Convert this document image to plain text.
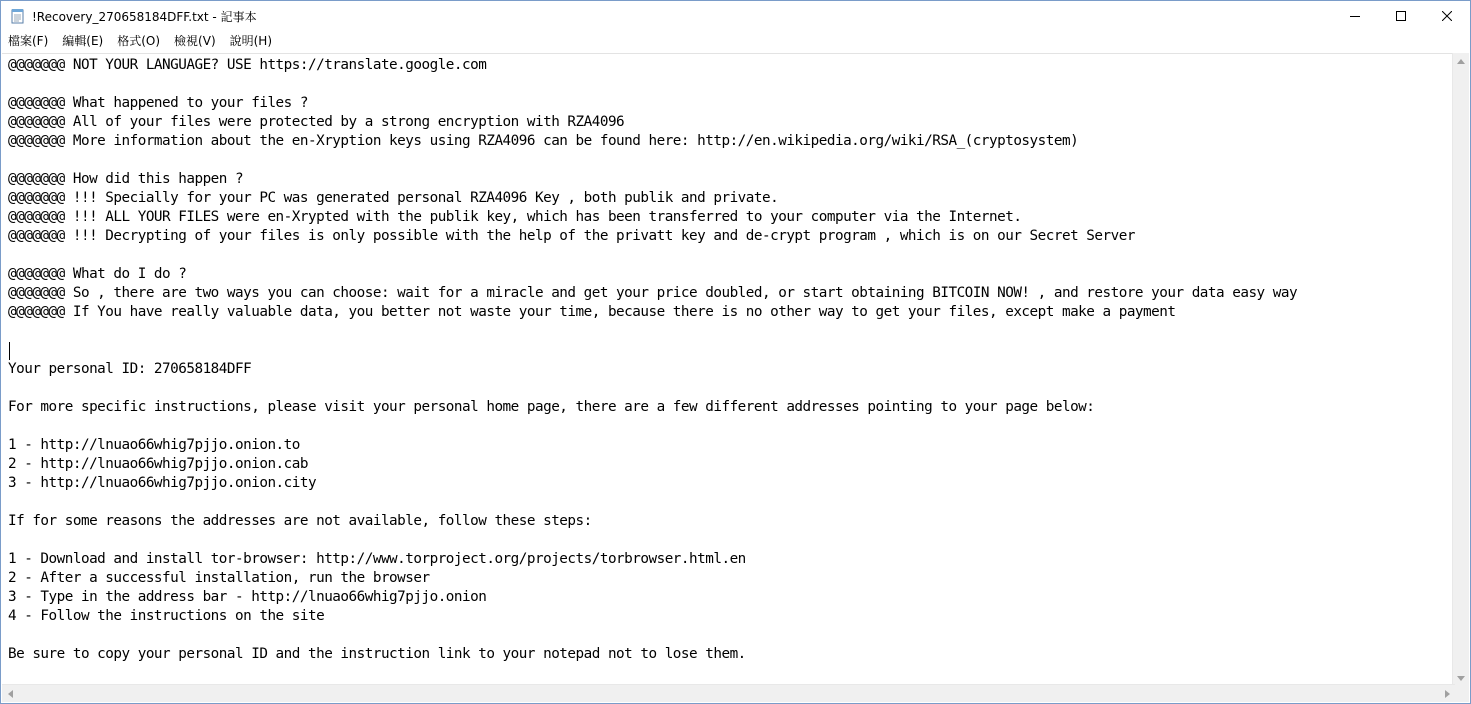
!Recovery_270658184DFF.txt - 記事本
檔案(F)	編輯(E)	格式(O)	檢視(V)	說明(H)
@@@@@@@ NOT YOUR LANGUAGE? USE https://translate.google.com

@@@@@@@ What happened to your files ?
@@@@@@@ All of your files were protected by a strong encryption with RZA4096
@@@@@@@ More information about the en-Xryption keys using RZA4096 can be found here: http://en.wikipedia.org/wiki/RSA_(cryptosystem)

@@@@@@@ How did this happen ?
@@@@@@@ !!! Specially for your PC was generated personal RZA4096 Key , both publik and private.
@@@@@@@ !!! ALL YOUR FILES were en-Xrypted with the publik key, which has been transferred to your computer via the Internet.
@@@@@@@ !!! Decrypting of your files is only possible with the help of the privatt key and de-crypt program , which is on our Secret Server

@@@@@@@ What do I do ?
@@@@@@@ So , there are two ways you can choose: wait for a miracle and get your price doubled, or start obtaining BITCOIN NOW! , and restore your data easy way
@@@@@@@ If You have really valuable data, you better not waste your time, because there is no other way to get your files, except make a payment

Your personal ID: 270658184DFF

For more specific instructions, please visit your personal home page, there are a few different addresses pointing to your page below:

1 - http://lnuao66whig7pjjo.onion.to
2 - http://lnuao66whig7pjjo.onion.cab
3 - http://lnuao66whig7pjjo.onion.city

If for some reasons the addresses are not available, follow these steps:

1 - Download and install tor-browser: http://www.torproject.org/projects/torbrowser.html.en
2 - After a successful installation, run the browser
3 - Type in the address bar - http://lnuao66whig7pjjo.onion
4 - Follow the instructions on the site

Be sure to copy your personal ID and the instruction link to your notepad not to lose them.
